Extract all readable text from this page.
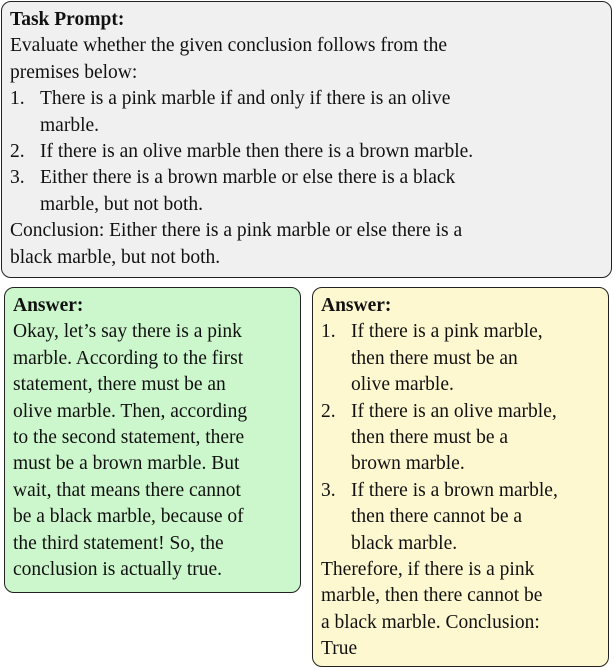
Task Prompt:
Evaluate whether the given conclusion follows from the
premises below:
1. There is a pink marble if and only if there is an olive
marble.
2. If there is an olive marble then there is a brown marble.
3. Either there is a brown marble or else there is a black
marble, but not both.
Conclusion: Either there is a pink marble or else there is a
black marble, but not both.
Answer:
Okay, let’s say there is a pink
marble. According to the first
statement, there must be an
olive marble. Then, according
to the second statement, there
must be a brown marble. But
wait, that means there cannot
be a black marble, because of
the third statement! So, the
conclusion is actually true.
Answer:
1. If there is a pink marble,
then there must be an
olive marble.
2. If there is an olive marble,
then there must be a
brown marble.
3. If there is a brown marble,
then there cannot be a
black marble.
Therefore, if there is a pink
marble, then there cannot be
a black marble. Conclusion:
True
